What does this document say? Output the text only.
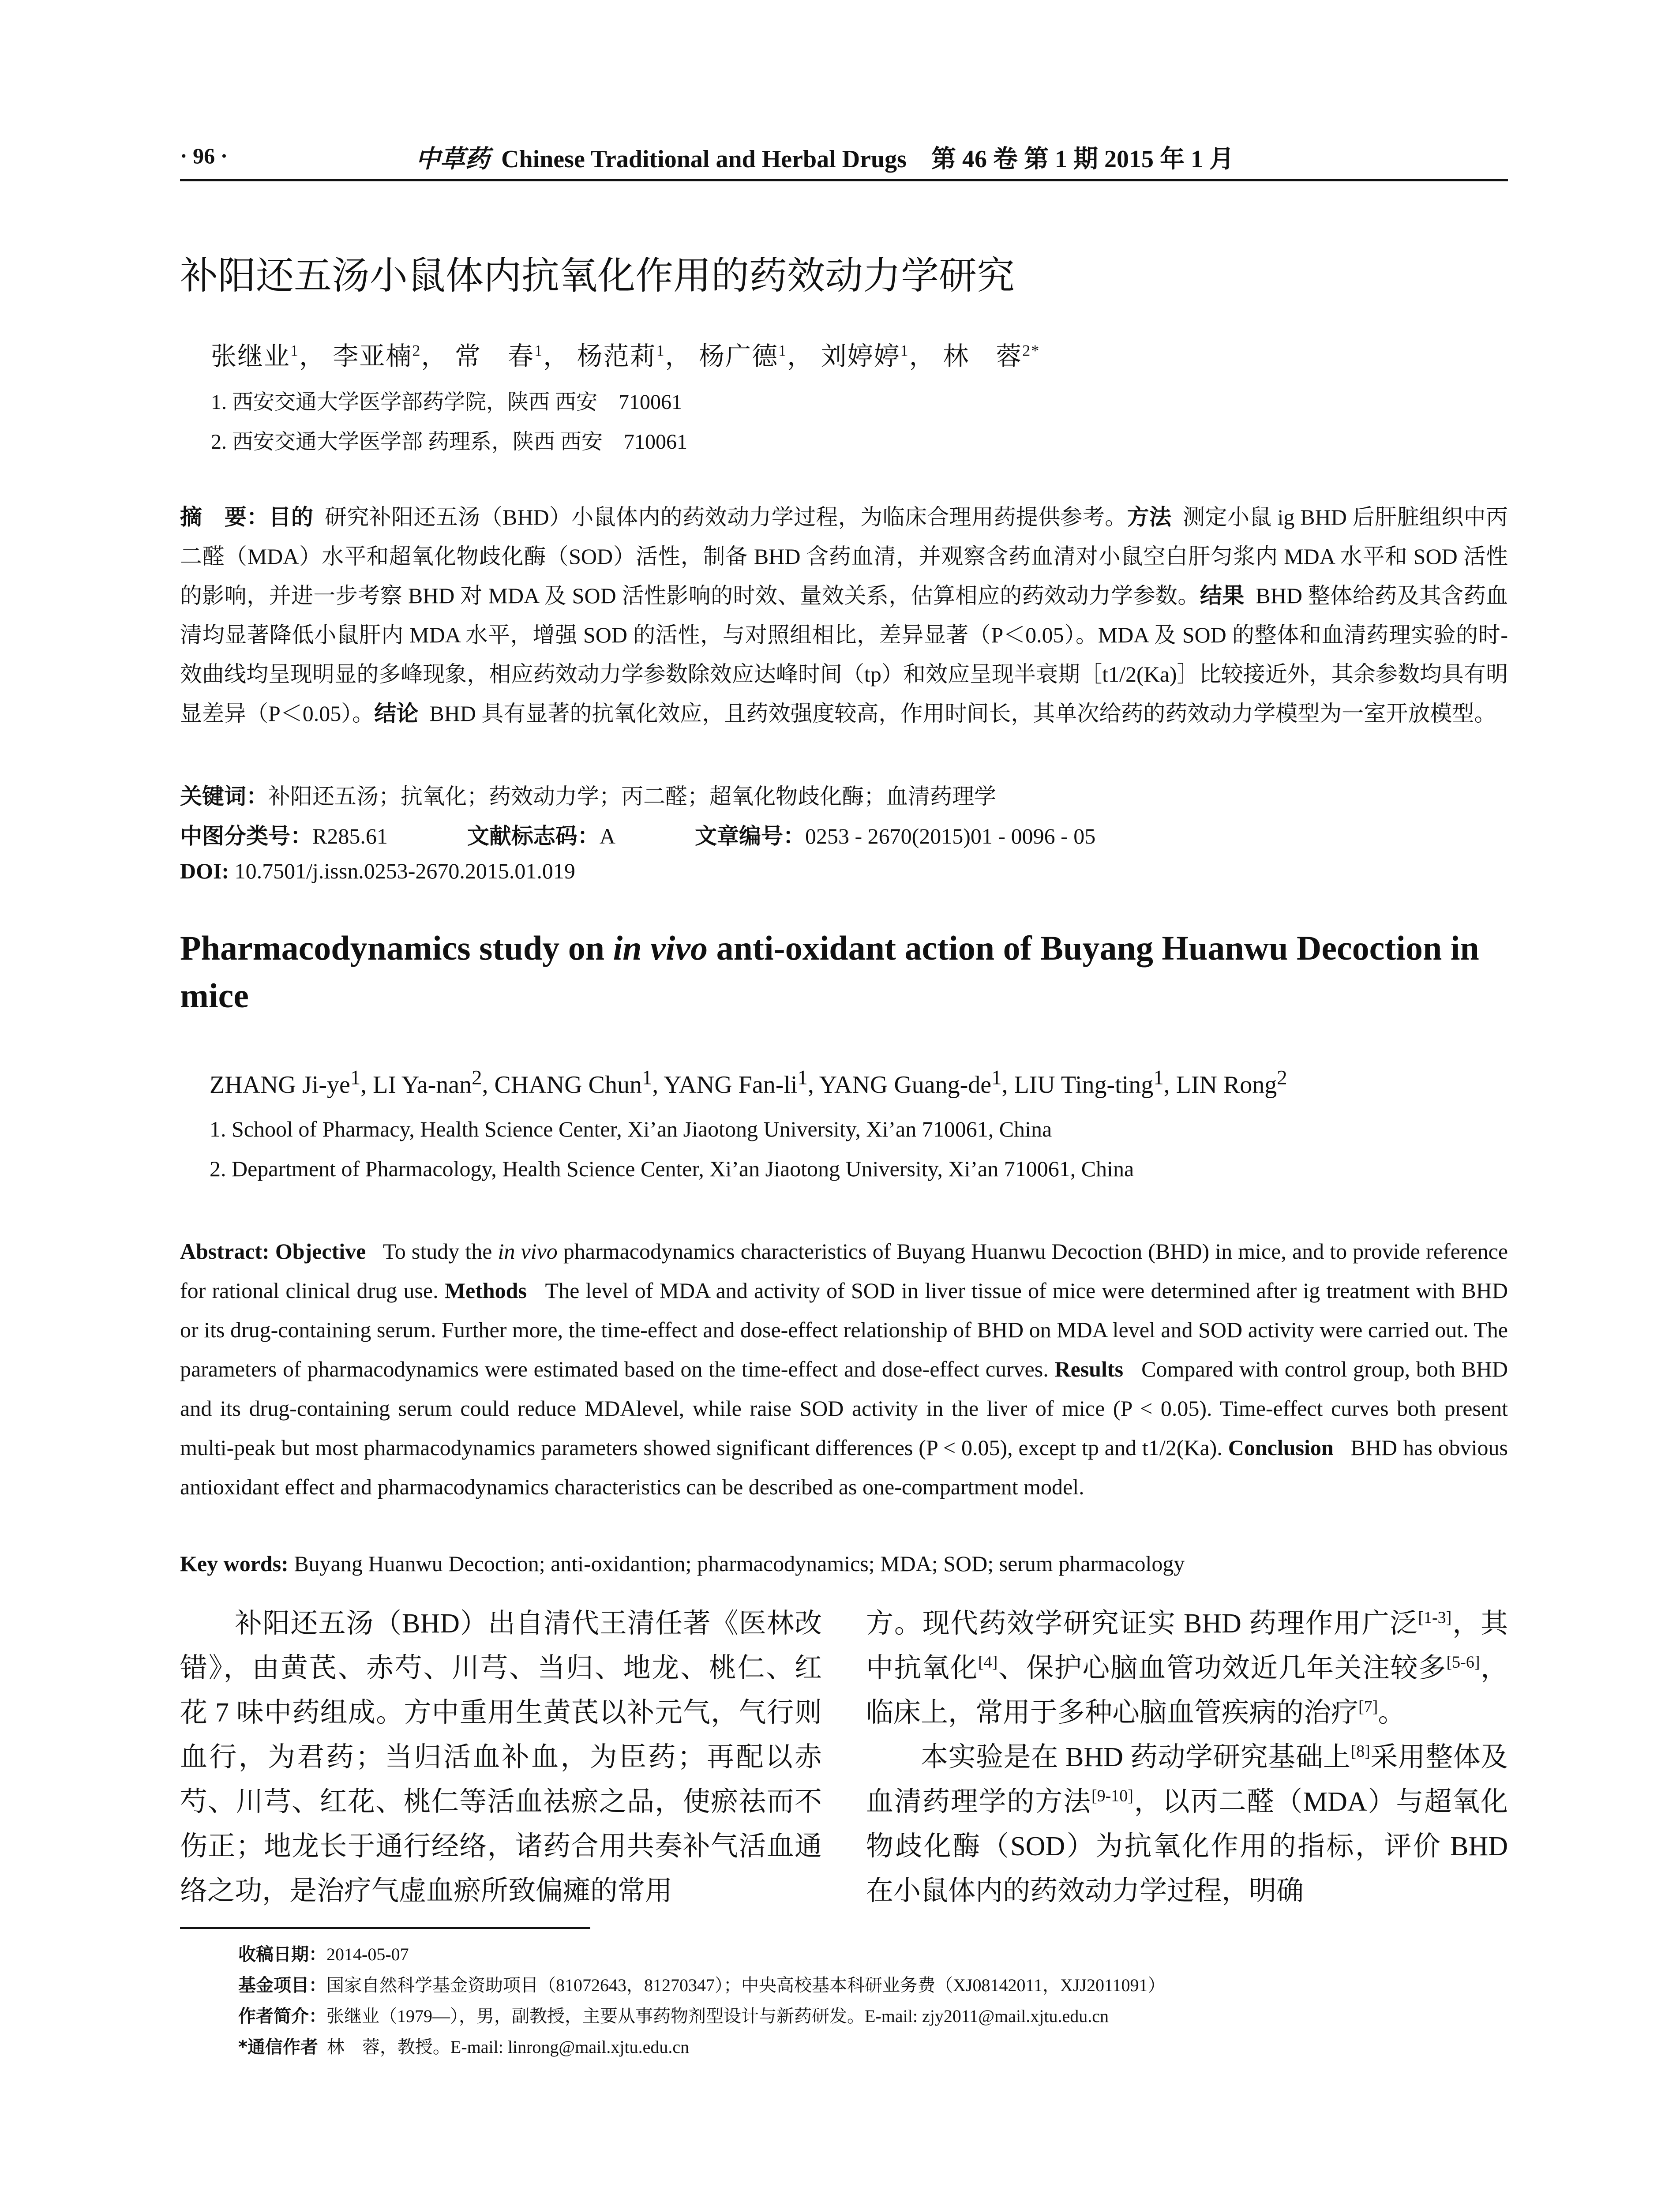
· 96 ·	中草药 Chinese Traditional and Herbal Drugs　第 46 卷 第 1 期 2015 年 1 月
补阳还五汤小鼠体内抗氧化作用的药效动力学研究
张继业$^1$， 李亚楠$^2$， 常　春$^1$， 杨范莉$^1$， 杨广德$^1$， 刘婷婷$^1$， 林　蓉$^{2*}$
1. 西安交通大学医学部药学院，陕西 西安　710061
2. 西安交通大学医学部 药理系，陕西 西安　710061
摘　要：目的 研究补阳还五汤（BHD）小鼠体内的药效动力学过程，为临床合理用药提供参考。方法 测定小鼠 ig BHD 后肝脏组织中丙二醛（MDA）水平和超氧化物歧化酶（SOD）活性，制备 BHD 含药血清，并观察含药血清对小鼠空白肝匀浆内 MDA 水平和 SOD 活性的影响，并进一步考察 BHD 对 MDA 及 SOD 活性影响的时效、量效关系，估算相应的药效动力学参数。结果 BHD 整体给药及其含药血清均显著降低小鼠肝内 MDA 水平，增强 SOD 的活性，与对照组相比，差异显著（P＜0.05）。MDA 及 SOD 的整体和血清药理实验的时-效曲线均呈现明显的多峰现象，相应药效动力学参数除效应达峰时间（tp）和效应呈现半衰期［t1/2(Ka)］比较接近外，其余参数均具有明显差异（P＜0.05）。结论 BHD 具有显著的抗氧化效应，且药效强度较高，作用时间长，其单次给药的药效动力学模型为一室开放模型。
关键词：补阳还五汤；抗氧化；药效动力学；丙二醛；超氧化物歧化酶；血清药理学
中图分类号：R285.61	文献标志码：A	文章编号：0253 - 2670(2015)01 - 0096 - 05
DOI: 10.7501/j.issn.0253-2670.2015.01.019
Pharmacodynamics study on in vivo anti-oxidant action of Buyang Huanwu Decoction in mice
ZHANG $Ji-ye^1$, LI Ya-nan$^2$, CHANG Chun$^1$, YANG Fan-$li^1$, YANG Guang-$de^1$, LIU Ting-ting$^1$, LIN Rong$^2$
1. School of Pharmacy, Health Science Center, Xi’an Jiaotong University, Xi’an 710061, China
2. Department of Pharmacology, Health Science Center, Xi’an Jiaotong University, Xi’an 710061, China
Abstract: Objective To study the in vivo pharmacodynamics characteristics of Buyang Huanwu Decoction (BHD) in mice, and to provide reference for rational clinical drug use. Methods The level of MDA and activity of SOD in liver tissue of mice were determined after ig treatment with BHD or its drug-containing serum. Further more, the time-effect and dose-effect relationship of BHD on MDA level and SOD activity were carried out. The parameters of pharmacodynamics were estimated based on the time-effect and dose-effect curves. Results Compared with control group, both BHD and its drug-containing serum could reduce MDAlevel, while raise SOD activity in the liver of mice (P < 0.05). Time-effect curves both present multi-peak but most pharmacodynamics parameters showed significant differences (P < 0.05), except tp and t1/2(Ka). Conclusion BHD has obvious antioxidant effect and pharmacodynamics characteristics can be described as one-compartment model.
Key words: Buyang Huanwu Decoction; anti-oxidantion; pharmacodynamics; MDA; SOD; serum pharmacology

补阳还五汤（BHD）出自清代王清任著《医林改错》，由黄芪、赤芍、川芎、当归、地龙、桃仁、红花 7 味中药组成。方中重用生黄芪以补元气，气行则血行，为君药；当归活血补血，为臣药；再配以赤芍、川芎、红花、桃仁等活血祛瘀之品，使瘀祛而不伤正；地龙长于通行经络，诸药合用共奏补气活血通络之功，是治疗气虚血瘀所致偏瘫的常用

方。现代药效学研究证实 BHD 药理作用广泛[1-3]，其中抗氧化[4]、保护心脑血管功效近几年关注较多[5-6]，临床上，常用于多种心脑血管疾病的治疗[7]。

本实验是在 BHD 药动学研究基础上[8]采用整体及血清药理学的方法[9-10]，以丙二醛（MDA）与超氧化物歧化酶（SOD）为抗氧化作用的指标，评价 BHD 在小鼠体内的药效动力学过程，明确

收稿日期：2014-05-07
基金项目：国家自然科学基金资助项目（81072643，81270347）；中央高校基本科研业务费（XJ08142011，XJJ2011091）
作者简介：张继业（1979—），男，副教授，主要从事药物剂型设计与新药研发。E-mail: zjy2011@mail.xjtu.edu.cn
*通信作者 林　蓉，教授。E-mail: linrong@mail.xjtu.edu.cn
